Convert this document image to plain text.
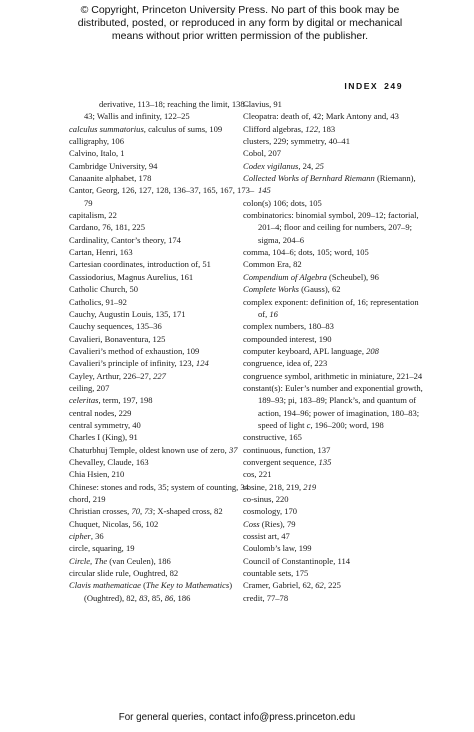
© Copyright, Princeton University Press. No part of this book may be
distributed, posted, or reproduced in any form by digital or mechanical
means without prior written permission of the publisher.
INDEX 249
derivative, 113–18; reaching the limit, 138–43; Wallis and infinity, 122–25
calculus summatorius, calculus of sums, 109
calligraphy, 106
Calvino, Italo, 1
Cambridge University, 94
Canaanite alphabet, 178
Cantor, Georg, 126, 127, 128, 136–37, 165, 167, 173–79
capitalism, 22
Cardano, 76, 181, 225
Cardinality, Cantor’s theory, 174
Cartan, Henri, 163
Cartesian coordinates, introduction of, 51
Cassiodorius, Magnus Aurelius, 161
Catholic Church, 50
Catholics, 91–92
Cauchy, Augustin Louis, 135, 171
Cauchy sequences, 135–36
Cavalieri, Bonaventura, 125
Cavalieri’s method of exhaustion, 109
Cavalieri’s principle of infinity, 123, 124
Cayley, Arthur, 226–27, 227
ceiling, 207
celeritas, term, 197, 198
central nodes, 229
central symmetry, 40
Charles I (King), 91
Chaturbhuj Temple, oldest known use of zero, 37
Chevalley, Claude, 163
Chia Hsien, 210
Chinese: stones and rods, 35; system of counting, 34
chord, 219
Christian crosses, 70, 73; X-shaped cross, 82
Chuquet, Nicolas, 56, 102
cipher, 36
circle, squaring, 19
Circle, The (van Ceulen), 186
circular slide rule, Oughtred, 82
Clavis mathematicae (The Key to Mathematics) (Oughtred), 82, 83, 85, 86, 186
Clavius, 91
Cleopatra: death of, 42; Mark Antony and, 43
Clifford algebras, 122, 183
clusters, 229; symmetry, 40–41
Cobol, 207
Codex vigilanus, 24, 25
Collected Works of Bernhard Riemann (Riemann), 145
colon(s) 106; dots, 105
combinatorics: binomial symbol, 209–12; factorial, 201–4; floor and ceiling for numbers, 207–9; sigma, 204–6
comma, 104–6; dots, 105; word, 105
Common Era, 82
Compendium of Algebra (Scheubel), 96
Complete Works (Gauss), 62
complex exponent: definition of, 16; representation of, 16
complex numbers, 180–83
compounded interest, 190
computer keyboard, APL language, 208
congruence, idea of, 223
congruence symbol, arithmetic in miniature, 221–24
constant(s): Euler’s number and exponential growth, 189–93; pi, 183–89; Planck’s, and quantum of action, 194–96; power of imagination, 180–83; speed of light c, 196–200; word, 198
constructive, 165
continuous, function, 137
convergent sequence, 135
cos, 221
cosine, 218, 219, 219
co-sinus, 220
cosmology, 170
Coss (Ries), 79
cossist art, 47
Coulomb’s law, 199
Council of Constantinople, 114
countable sets, 175
Cramer, Gabriel, 62, 62, 225
credit, 77–78
For general queries, contact info@press.princeton.edu
